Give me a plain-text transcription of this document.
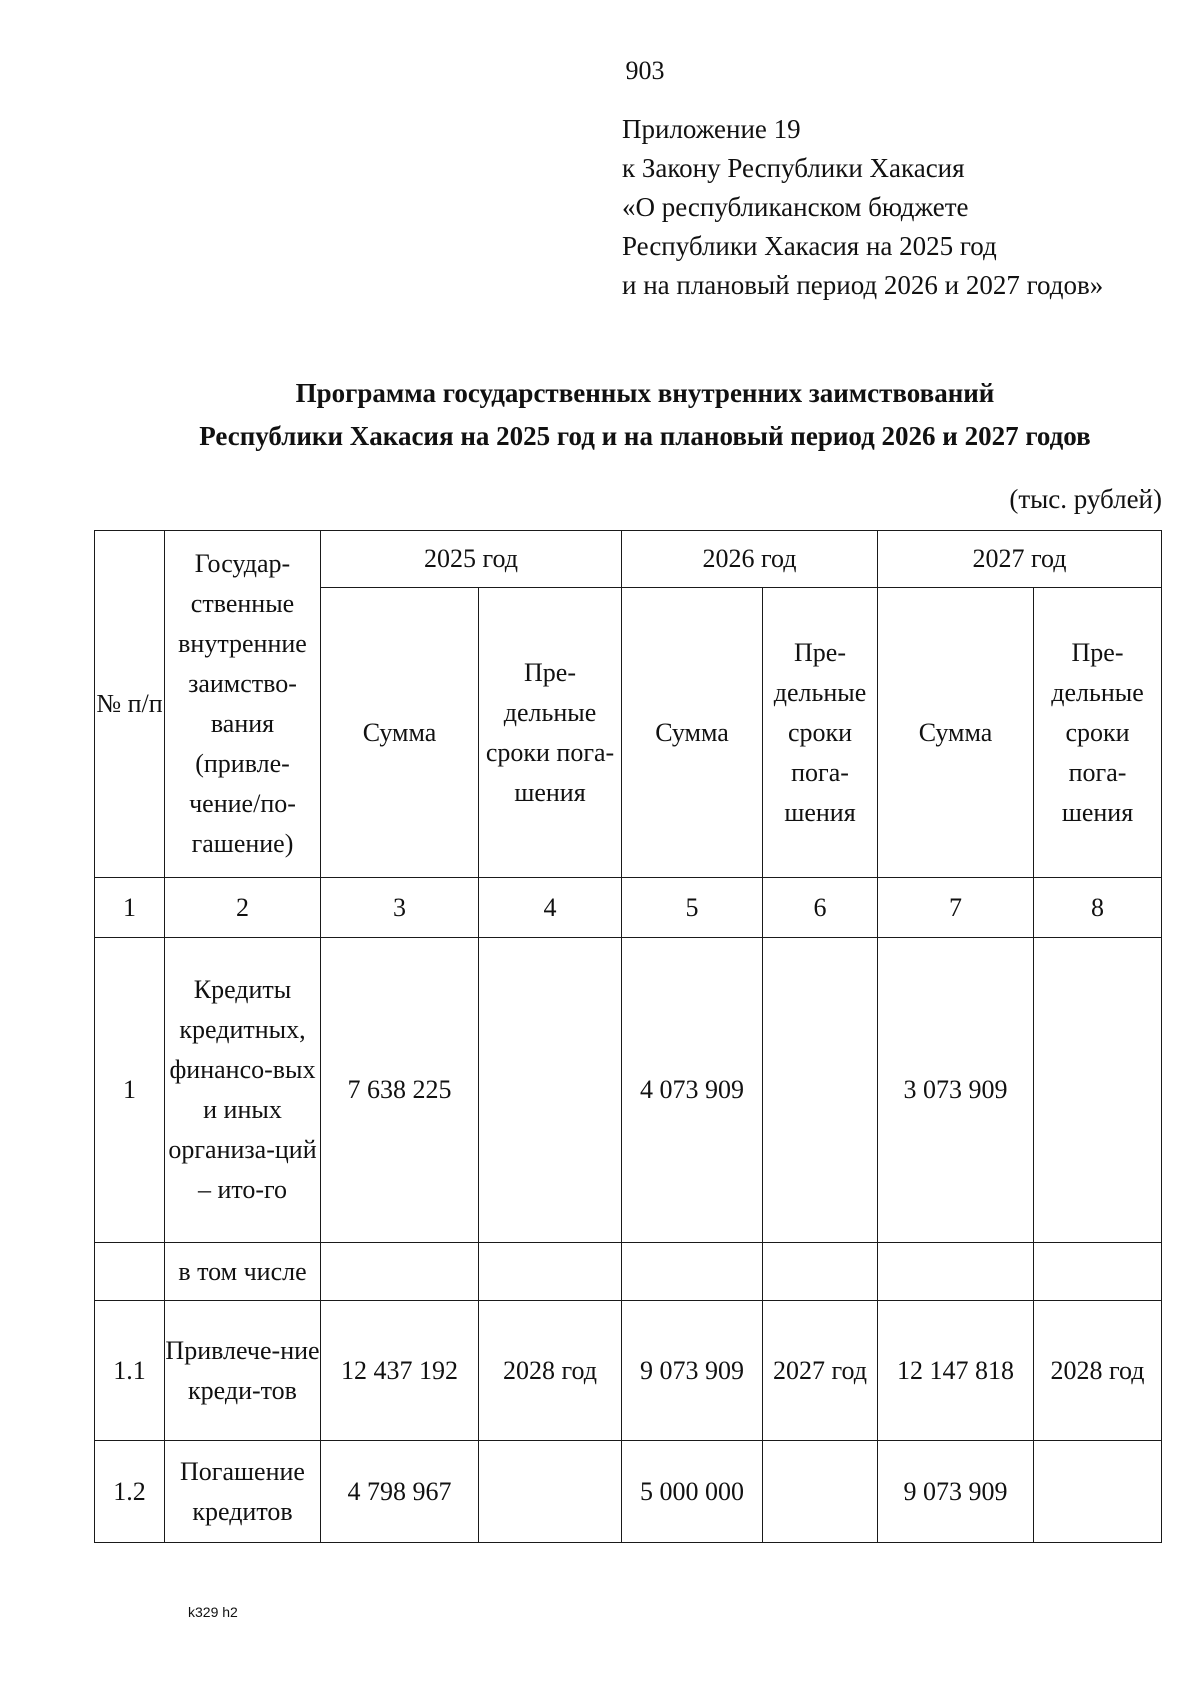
903
Приложение 19
к Закону Республики Хакасия
«О республиканском бюджете
Республики Хакасия на 2025 год
и на плановый период 2026 и 2027 годов»
Программа государственных внутренних заимствований
Республики Хакасия на 2025 год и на плановый период 2026 и 2027 годов
(тыс. рублей)
№ п/п	Государ-ственные внутренние заимство-вания (привле-чение/по-гашение)	2025 год		2026 год		2027 год	
		Сумма	Пре-дельные сроки пога-шения	Сумма	Пре-дельные сроки пога-шения	Сумма	Пре-дельные сроки пога-шения
1	2	3	4	5	6	7	8
1	Кредиты кредитных, финансо-вых и иных организа-ций – ито-го	7 638 225		4 073 909		3 073 909	
	в том числе						
1.1	Привлече-ние креди-тов	12 437 192	2028 год	9 073 909	2027 год	12 147 818	2028 год
1.2	Погашение кредитов	4 798 967		5 000 000		9 073 909	
k329 h2
